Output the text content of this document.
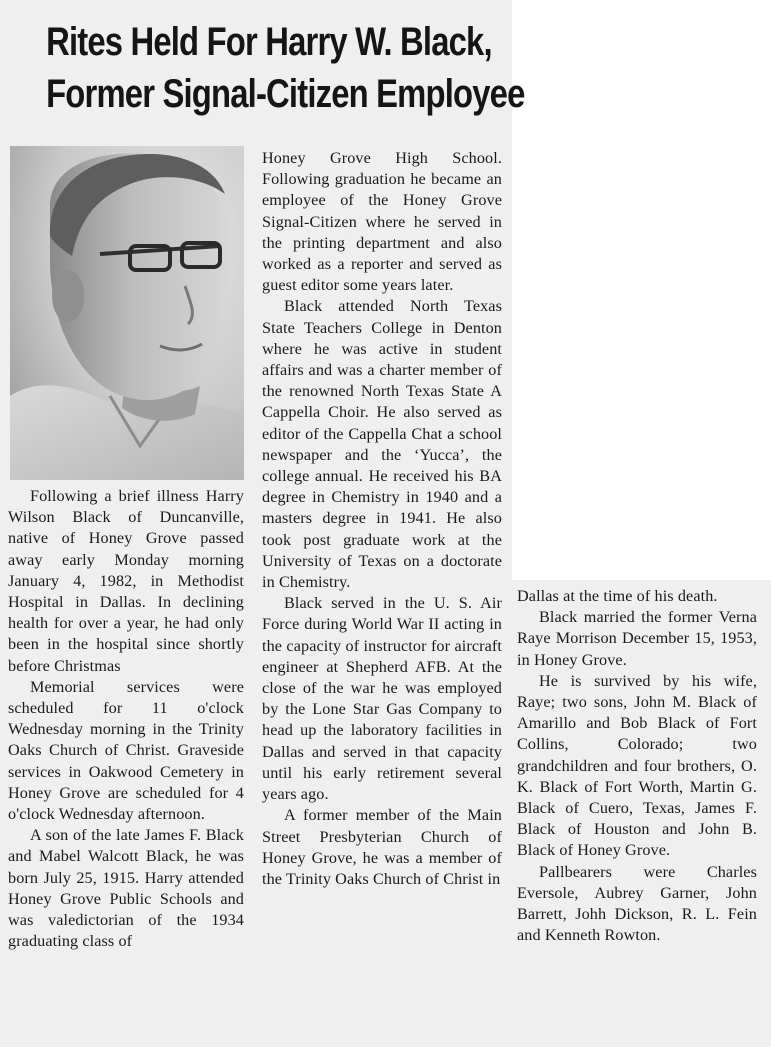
Rites Held For Harry W. Black,
Former Signal-Citizen Employee

Following a brief illness Harry Wilson Black of Duncanville, native of Honey Grove passed away early Monday morning January 4, 1982, in Methodist Hospital in Dallas. In declining health for over a year, he had only been in the hospital since shortly before Christmas

Memorial services were scheduled for 11 o'clock Wednesday morning in the Trinity Oaks Church of Christ. Graveside services in Oakwood Cemetery in Honey Grove are scheduled for 4 o'clock Wednesday afternoon.

A son of the late James F. Black and Mabel Walcott Black, he was born July 25, 1915. Harry attended Honey Grove Public Schools and was valedictorian of the 1934 graduating class of

Honey Grove High School. Following graduation he became an employee of the Honey Grove Signal-Citizen where he served in the printing department and also worked as a reporter and served as guest editor some years later.

Black attended North Texas State Teachers College in Denton where he was active in student affairs and was a charter member of the renowned North Texas State A Cappella Choir. He also served as editor of the Cappella Chat a school newspaper and the ‘Yucca’, the college annual. He received his BA degree in Chemistry in 1940 and a masters degree in 1941. He also took post graduate work at the University of Texas on a doctorate in Chemistry.

Black served in the U. S. Air Force during World War II acting in the capacity of instructor for aircraft engineer at Shepherd AFB. At the close of the war he was employed by the Lone Star Gas Company to head up the laboratory facilities in Dallas and served in that capacity until his early retirement several years ago.

A former member of the Main Street Presbyterian Church of Honey Grove, he was a member of the Trinity Oaks Church of Christ in

Dallas at the time of his death.

Black married the former Verna Raye Morrison December 15, 1953, in Honey Grove.

He is survived by his wife, Raye; two sons, John M. Black of Amarillo and Bob Black of Fort Collins, Colorado; two grandchildren and four brothers, O. K. Black of Fort Worth, Martin G. Black of Cuero, Texas, James F. Black of Houston and John B. Black of Honey Grove.

Pallbearers were Charles Eversole, Aubrey Garner, John Barrett, Johh Dickson, R. L. Fein and Kenneth Rowton.
